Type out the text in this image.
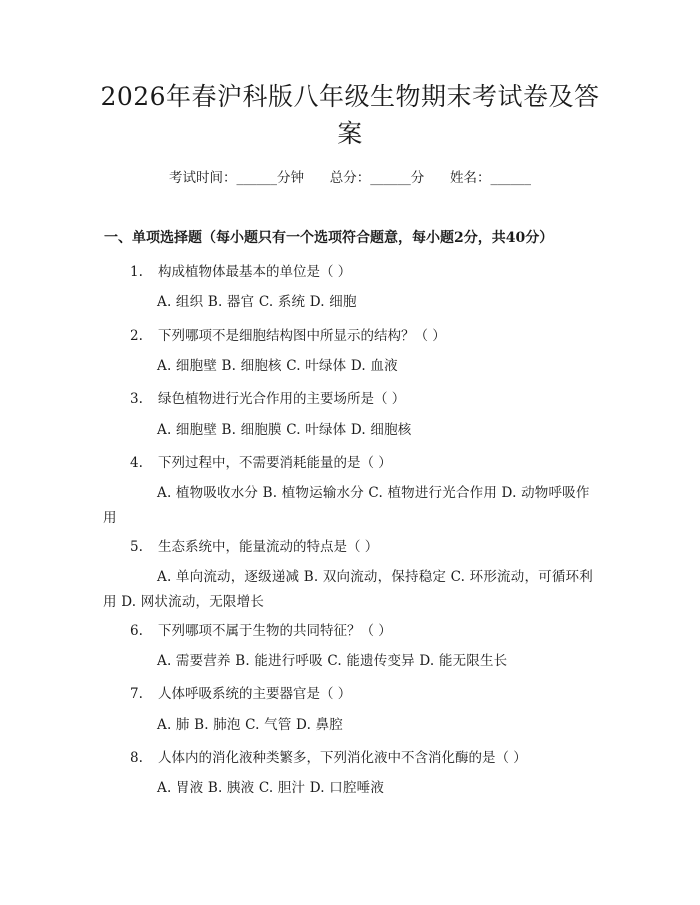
2026年春沪科版八年级生物期末考试卷及答案
考试时间：______分钟      总分：______分      姓名：______
一、单项选择题（每小题只有一个选项符合题意，每小题2分，共40分）
1. 构成植物体最基本的单位是（ ）
A. 组织 B. 器官 C. 系统 D. 细胞
2. 下列哪项不是细胞结构图中所显示的结构？（ ）
A. 细胞壁 B. 细胞核 C. 叶绿体 D. 血液
3. 绿色植物进行光合作用的主要场所是（ ）
A. 细胞壁 B. 细胞膜 C. 叶绿体 D. 细胞核
4. 下列过程中，不需要消耗能量的是（ ）
A. 植物吸收水分 B. 植物运输水分 C. 植物进行光合作用 D. 动物呼吸作用
5. 生态系统中，能量流动的特点是（ ）
A. 单向流动，逐级递减 B. 双向流动，保持稳定 C. 环形流动，可循环利用 D. 网状流动，无限增长
6. 下列哪项不属于生物的共同特征？（ ）
A. 需要营养 B. 能进行呼吸 C. 能遗传变异 D. 能无限生长
7. 人体呼吸系统的主要器官是（ ）
A. 肺 B. 肺泡 C. 气管 D. 鼻腔
8. 人体内的消化液种类繁多，下列消化液中不含消化酶的是（ ）
A. 胃液 B. 胰液 C. 胆汁 D. 口腔唾液
